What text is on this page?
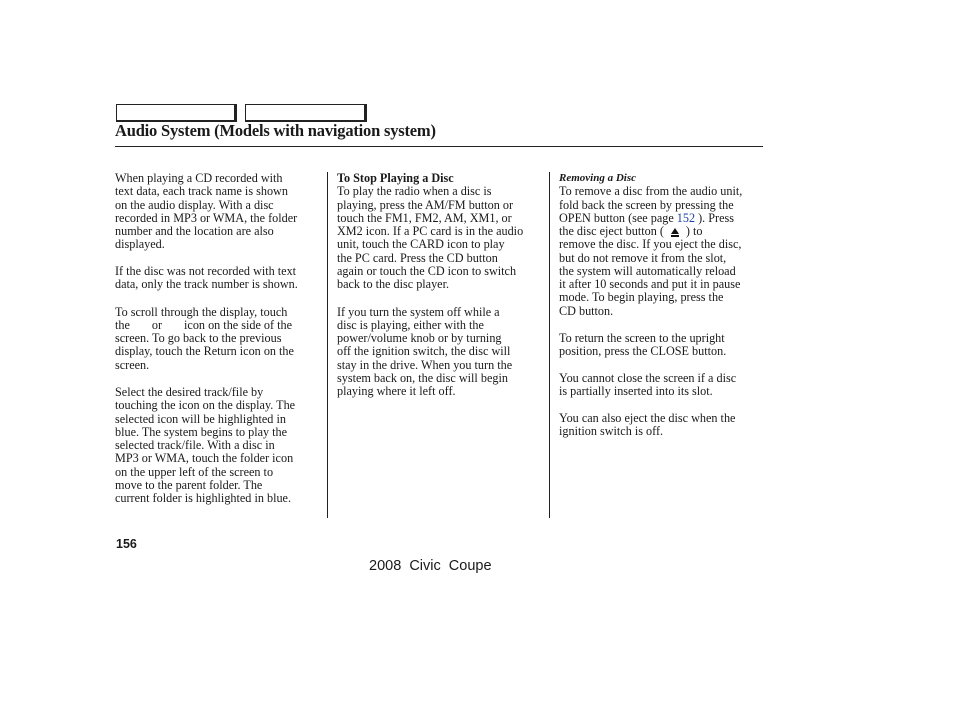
Audio System (Models with navigation system)

When playing a CD recorded with

text data, each track name is shown

on the audio display. With a disc

recorded in MP3 or WMA, the folder

number and the location are also

displayed.

If the disc was not recorded with text

data, only the track number is shown.

To scroll through the display, touch

the or icon on the side of the

screen. To go back to the previous

display, touch the Return icon on the

screen.

Select the desired track/file by

touching the icon on the display. The

selected icon will be highlighted in

blue. The system begins to play the

selected track/file. With a disc in

MP3 or WMA, touch the folder icon

on the upper left of the screen to

move to the parent folder. The

current folder is highlighted in blue.

To Stop Playing a Disc

To play the radio when a disc is

playing, press the AM/FM button or

touch the FM1, FM2, AM, XM1, or

XM2 icon. If a PC card is in the audio

unit, touch the CARD icon to play

the PC card. Press the CD button

again or touch the CD icon to switch

back to the disc player.

If you turn the system off while a

disc is playing, either with the

power/volume knob or by turning

off the ignition switch, the disc will

stay in the drive. When you turn the

system back on, the disc will begin

playing where it left off.

Removing a Disc

To remove a disc from the audio unit,

fold back the screen by pressing the

OPEN button (see page 152 ). Press

the disc eject button ( ) to

remove the disc. If you eject the disc,

but do not remove it from the slot,

the system will automatically reload

it after 10 seconds and put it in pause

mode. To begin playing, press the

CD button.

To return the screen to the upright

position, press the CLOSE button.

You cannot close the screen if a disc

is partially inserted into its slot.

You can also eject the disc when the

ignition switch is off.

156
2008  Civic  Coupe
